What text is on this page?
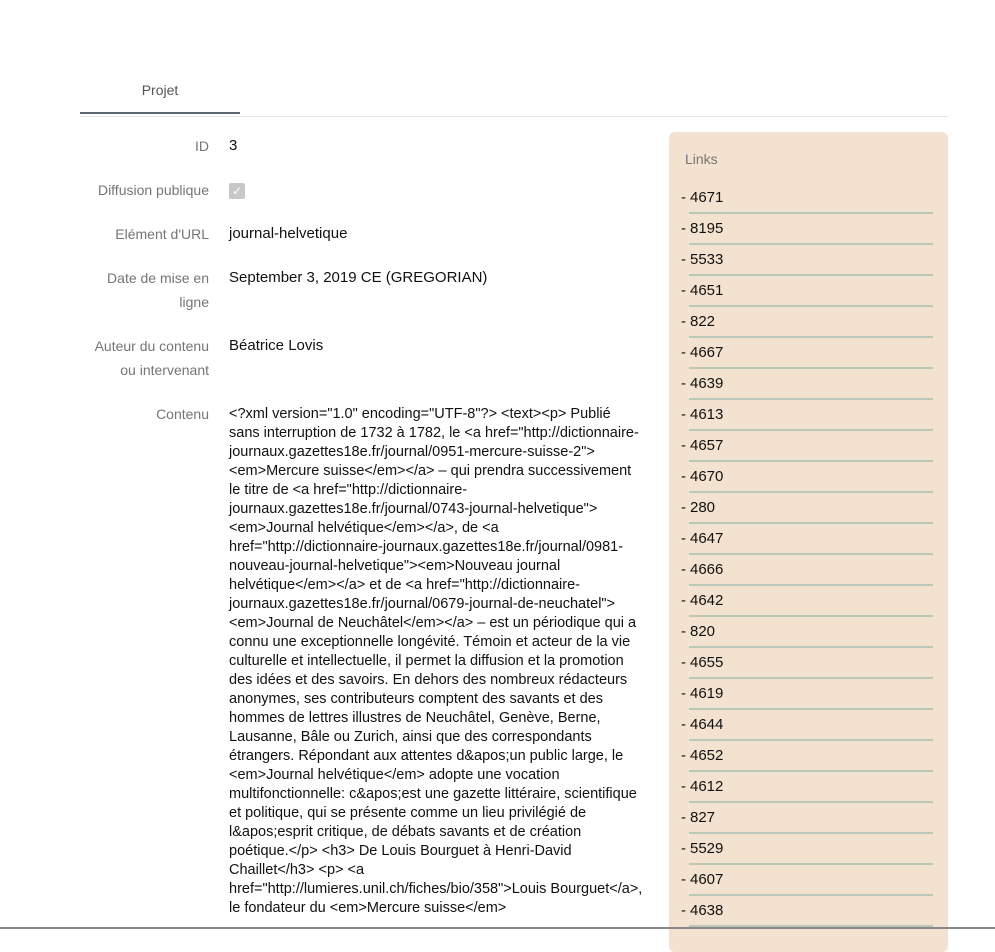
Projet
ID 3
Diffusion publique ✓
Elément d'URL journal-helvetique
Date de mise en
ligne
September 3, 2019 CE (GREGORIAN)
Auteur du contenu
ou intervenant
Béatrice Lovis
Contenu <?xml version="1.0" encoding="UTF-8"?> <text><p> Publié sans interruption de 1732 à 1782, le <a href="http://dictionnaire-journaux.gazettes18e.fr/journal/0951-mercure-suisse-2"><em>Mercure suisse</em></a> – qui prendra successivement le titre de <a href="http://dictionnaire-journaux.gazettes18e.fr/journal/0743-journal-helvetique"><em>Journal helvétique</em></a>, de <a href="http://dictionnaire-journaux.gazettes18e.fr/journal/0981-nouveau-journal-helvetique"><em>Nouveau journal helvétique</em></a> et de <a href="http://dictionnaire-journaux.gazettes18e.fr/journal/0679-journal-de-neuchatel"><em>Journal de Neuchâtel</em></a> – est un périodique qui a connu une exceptionnelle longévité. Témoin et acteur de la vie culturelle et intellectuelle, il permet la diffusion et la promotion des idées et des savoirs. En dehors des nombreux rédacteurs anonymes, ses contributeurs comptent des savants et des hommes de lettres illustres de Neuchâtel, Genève, Berne, Lausanne, Bâle ou Zurich, ainsi que des correspondants étrangers. Répondant aux attentes d&apos;un public large, le <em>Journal helvétique</em> adopte une vocation multifonctionnelle: c&apos;est une gazette littéraire, scientifique et politique, qui se présente comme un lieu privilégié de l&apos;esprit critique, de débats savants et de création poétique.</p> <h3> De Louis Bourguet à Henri-David Chaillet</h3> <p> <a href="http://lumieres.unil.ch/fiches/bio/358">Louis Bourguet</a>, le fondateur du <em>Mercure suisse</em>
Links
- 4671
- 8195
- 5533
- 4651
- 822
- 4667
- 4639
- 4613
- 4657
- 4670
- 280
- 4647
- 4666
- 4642
- 820
- 4655
- 4619
- 4644
- 4652
- 4612
- 827
- 5529
- 4607
- 4638
